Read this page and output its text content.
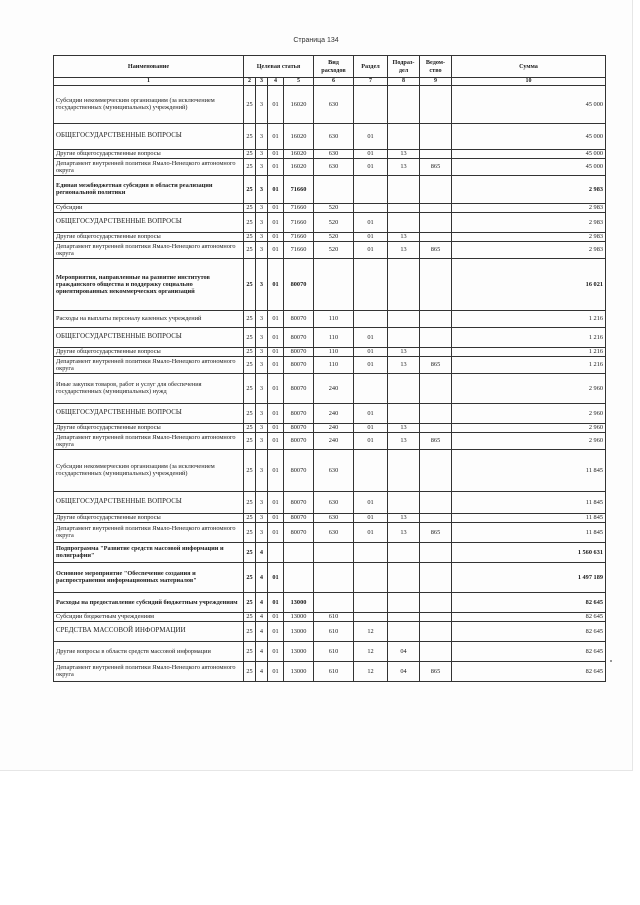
Страница 134
Наименование	Целевая статья				Вид расходов	Раздел	Подраз-дел	Ведом-ство	Сумма
1	2	3	4	5	6	7	8	9	10
Субсидии некоммерческим организациям (за исключением государственных (муниципальных) учреждений)	25	3	01	16020	630				45 000
ОБЩЕГОСУДАРСТВЕННЫЕ ВОПРОСЫ	25	3	01	16020	630	01			45 000
Другие общегосударственные вопросы	25	3	01	16020	630	01	13		45 000
Департамент внутренней политики Ямало-Ненецкого автономного округа	25	3	01	16020	630	01	13	865	45 000
Единая межбюджетная субсидия в области реализации региональной политики	25	3	01	71660					2 983
Субсидии	25	3	01	71660	520				2 983
ОБЩЕГОСУДАРСТВЕННЫЕ ВОПРОСЫ	25	3	01	71660	520	01			2 983
Другие общегосударственные вопросы	25	3	01	71660	520	01	13		2 983
Департамент внутренней политики Ямало-Ненецкого автономного округа	25	3	01	71660	520	01	13	865	2 983
Мероприятия, направленные на развитие институтов гражданского общества и поддержку социально ориентированных некоммерческих организаций	25	3	01	80070					16 021
Расходы на выплаты персоналу казенных учреждений	25	3	01	80070	110				1 216
ОБЩЕГОСУДАРСТВЕННЫЕ ВОПРОСЫ	25	3	01	80070	110	01			1 216
Другие общегосударственные вопросы	25	3	01	80070	110	01	13		1 216
Департамент внутренней политики Ямало-Ненецкого автономного округа	25	3	01	80070	110	01	13	865	1 216
Иные закупки товаров, работ и услуг для обеспечения государственных (муниципальных) нужд	25	3	01	80070	240				2 960
ОБЩЕГОСУДАРСТВЕННЫЕ ВОПРОСЫ	25	3	01	80070	240	01			2 960
Другие общегосударственные вопросы	25	3	01	80070	240	01	13		2 960
Департамент внутренней политики Ямало-Ненецкого автономного округа	25	3	01	80070	240	01	13	865	2 960
Субсидии некоммерческим организациям (за исключением государственных (муниципальных) учреждений)	25	3	01	80070	630				11 845
ОБЩЕГОСУДАРСТВЕННЫЕ ВОПРОСЫ	25	3	01	80070	630	01			11 845
Другие общегосударственные вопросы	25	3	01	80070	630	01	13		11 845
Департамент внутренней политики Ямало-Ненецкого автономного округа	25	3	01	80070	630	01	13	865	11 845
Подпрограмма "Развитие средств массовой информации и полиграфии"	25	4							1 560 631
Основное мероприятие "Обеспечение создания и распространения информационных материалов"	25	4	01						1 497 189
Расходы на предоставление субсидий бюджетным учреждениям	25	4	01	13000					82 645
Субсидии бюджетным учреждениям	25	4	01	13000	610				82 645
СРЕДСТВА МАССОВОЙ ИНФОРМАЦИИ	25	4	01	13000	610	12			82 645
Другие вопросы в области средств массовой информации	25	4	01	13000	610	12	04		82 645
Департамент внутренней политики Ямало-Ненецкого автономного округа	25	4	01	13000	610	12	04	865	82 645
